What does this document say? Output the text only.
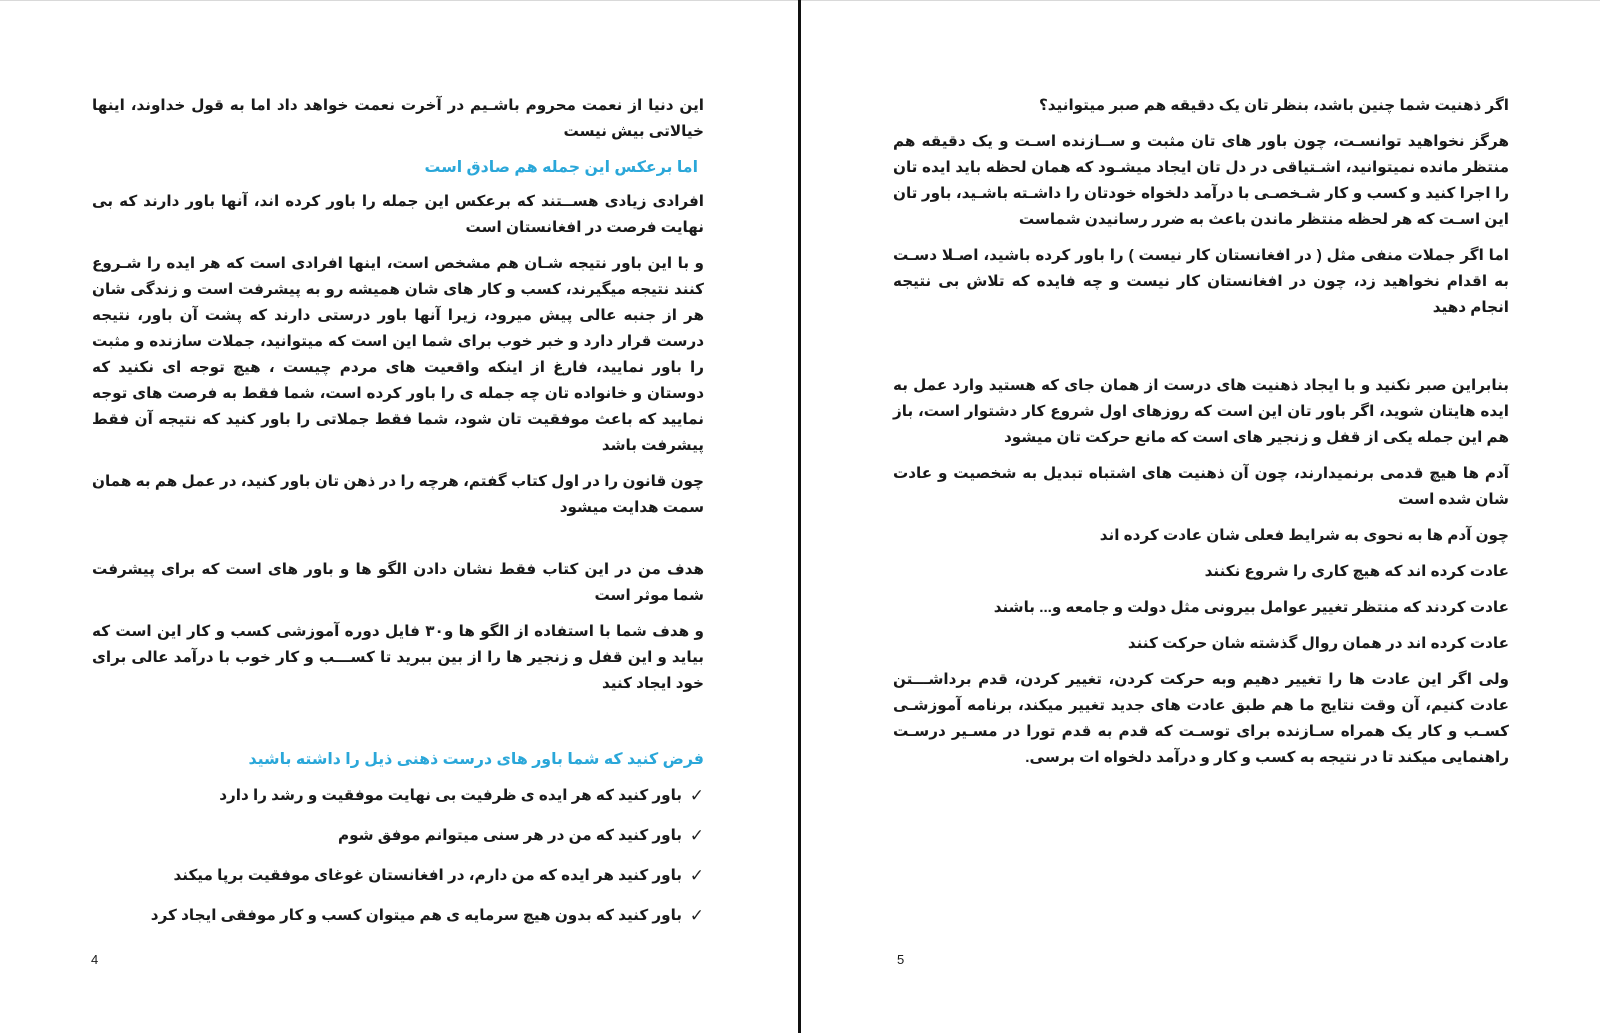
این دنیا از نعمت محروم باشـیم در آخرت نعمت خواهد داد اما به قول خداوند، اینها خیالاتی بیش نیست

اما برعکس این جمله هم صادق است

افرادی زیادی هســتند که برعکس این جمله را باور کرده اند، آنها باور دارند که بی نهایت فرصت در افغانستان است

و با این باور نتیجه شـان هم مشخص است، اینها افرادی است که هر ایده را شـروع کنند نتیجه میگیرند، کسب و کار های شان همیشه رو به پیشرفت است و زندگی شان هر از جنبه عالی پیش میرود، زیرا آنها باور درستی دارند که پشت آن باور، نتیجه درست قرار دارد و خبر خوب برای شما این است که میتوانید، جملات سازنده و مثبت را باور نمایید، فارغ از اینکه واقعیت های مردم چیست ، هیچ توجه ای نکنید که دوستان و خانواده تان چه جمله ی را باور کرده است، شما فقط به فرصت های توجه نمایید که باعث موفقیت تان شود، شما فقط جملاتی را باور کنید که نتیجه آن فقط پیشرفت باشد

چون قانون را در اول کتاب گفتم، هرچه را در ذهن تان باور کنید، در عمل هم به همان سمت هدایت میشود

هدف من در این کتاب فقط نشان دادن الگو ها و باور های است که برای پیشرفت شما موثر است

و هدف شما با استفاده از الگو ها و۳۰ فایل دوره آموزشی کسب و کار این است که بیاید و این قفل و زنجیر ها را از بین ببرید تا کســـب و کار خوب با درآمد عالی برای خود ایجاد کنید

فرض کنید که شما باور های درست ذهنی ذیل را داشته باشید

✓
باور کنید که هر ایده ی ظرفیت بی نهایت موفقیت و رشد را دارد
✓
باور کنید که من در هر سنی میتوانم موفق شوم
✓
باور کنید هر ایده که من دارم، در افغانستان غوغای موفقیت برپا میکند
✓
باور کنید که بدون هیچ سرمایه ی هم میتوان کسب و کار موفقی ایجاد کرد
4

اگر ذهنیت شما چنین باشد، بنظر تان یک دقیقه هم صبر میتوانید؟

هرگز نخواهید توانسـت، چون باور های تان مثبت و ســازنده اسـت و یک دقیقه هم منتظر مانده نمیتوانید، اشـتیاقی در دل تان ایجاد میشـود که همان لحظه باید ایده تان را اجرا کنید و کسب و کار شـخصـی با درآمد دلخواه خودتان را داشـته باشـید، باور تان این اسـت که هر لحظه منتظر ماندن باعث به ضرر رسانیدن شماست

اما اگر جملات منفی مثل ( در افغانستان کار نیست ) را باور کرده باشید، اصـلا دسـت به اقدام نخواهید زد، چون در افغانستان کار نیست و چه فایده که تلاش بی نتیجه انجام دهید

بنابراین صبر نکنید و با ایجاد ذهنیت های درست از همان جای که هستید وارد عمل به ایده هایتان شوید، اگر باور تان این است که روزهای اول شروع کار دشتوار است، باز هم این جمله یکی از قفل و زنجیر های است که مانع حرکت تان میشود

آدم ها هیچ قدمی برنمیدارند، چون آن ذهنیت های اشتباه تبدیل به شخصیت و عادت شان شده است

چون آدم ها به نحوی به شرایط فعلی شان عادت کرده اند

عادت کرده اند که هیچ کاری را شروع نکنند

عادت کردند که منتظر تغییر عوامل بیرونی مثل دولت و جامعه و... باشند

عادت کرده اند در همان روال گذشته شان حرکت کنند

ولی اگر این عادت ها را تغییر دهیم وبه حرکت کردن، تغییر کردن، قدم برداشـــتن عادت کنیم، آن وقت نتایج ما هم طبق عادت های جدید تغییر میکند، برنامه آموزشـی کسـب و کار یک همراه سـازنده برای توسـت که قدم به قدم تورا در مسـیر درسـت راهنمایی میکند تا در نتیجه به کسب و کار و درآمد دلخواه ات برسی.

5
